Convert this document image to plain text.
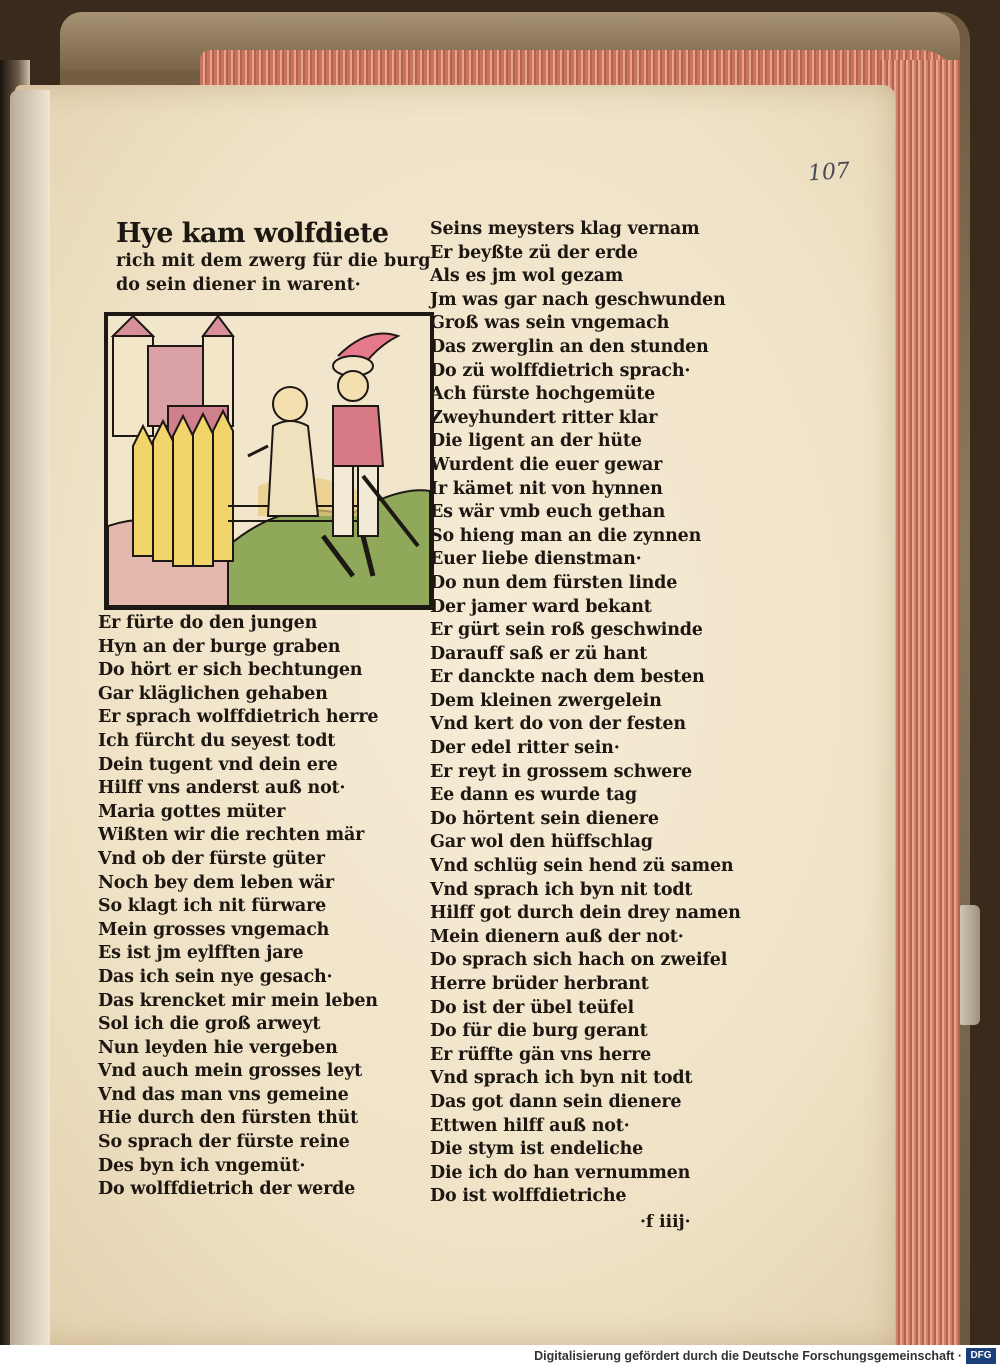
107
Hye kam wolfdiete
rich mit dem zwerg für die burg
do sein diener in warent·
Er fürte do den jungen
Hyn an der burge graben
Do hört er sich bechtungen
Gar kläglichen gehaben
Er sprach wolffdietrich herre
Ich fürcht du seyest todt
Dein tugent vnd dein ere
Hilff vns anderst auß not·
Maria gottes müter
Wißten wir die rechten mär
Vnd ob der fürste güter
Noch bey dem leben wär
So klagt ich nit fürware
Mein grosses vngemach
Es ist jm eylfften jare
Das ich sein nye gesach·
Das krencket mir mein leben
Sol ich die groß arweyt
Nun leyden hie vergeben
Vnd auch mein grosses leyt
Vnd das man vns gemeine
Hie durch den fürsten thüt
So sprach der fürste reine
Des byn ich vngemüt·
Do wolffdietrich der werde
Seins meysters klag vernam
Er beyßte zü der erde
Als es jm wol gezam
Jm was gar nach geschwunden
Groß was sein vngemach
Das zwerglin an den stunden
Do zü wolffdietrich sprach·
Ach fürste hochgemüte
Zweyhundert ritter klar
Die ligent an der hüte
Wurdent die euer gewar
Ir kämet nit von hynnen
Es wär vmb euch gethan
So hieng man an die zynnen
Euer liebe dienstman·
Do nun dem fürsten linde
Der jamer ward bekant
Er gürt sein roß geschwinde
Darauff saß er zü hant
Er danckte nach dem besten
Dem kleinen zwergelein
Vnd kert do von der festen
Der edel ritter sein·
Er reyt in grossem schwere
Ee dann es wurde tag
Do hörtent sein dienere
Gar wol den hüffschlag
Vnd schlüg sein hend zü samen
Vnd sprach ich byn nit todt
Hilff got durch dein drey namen
Mein dienern auß der not·
Do sprach sich hach on zweifel
Herre brüder herbrant
Do ist der übel teüfel
Do für die burg gerant
Er rüffte gän vns herre
Vnd sprach ich byn nit todt
Das got dann sein dienere
Ettwen hilff auß not·
Die stym ist endeliche
Die ich do han vernummen
Do ist wolffdietriche
·f iiij·
Digitalisierung gefördert durch die Deutsche Forschungsgemeinschaft · DFG
